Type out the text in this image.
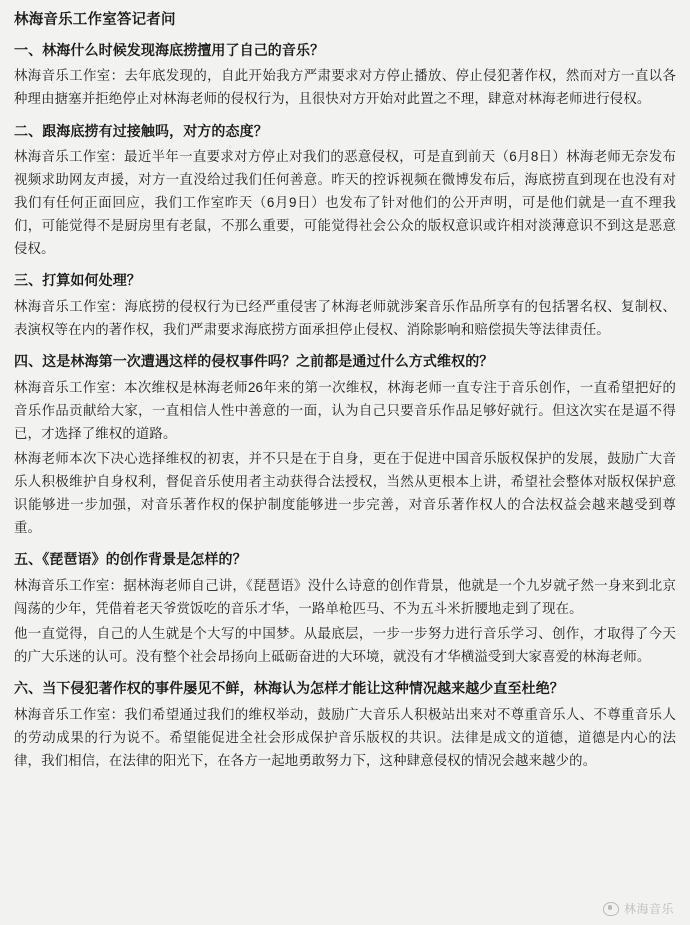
林海音乐工作室答记者问

一、林海什么时候发现海底捞擅用了自己的音乐？

林海音乐工作室：去年底发现的，自此开始我方严肃要求对方停止播放、停止侵犯著作权，然而对方一直以各种理由搪塞并拒绝停止对林海老师的侵权行为，且很快对方开始对此置之不理，肆意对林海老师进行侵权。

二、跟海底捞有过接触吗，对方的态度？

林海音乐工作室：最近半年一直要求对方停止对我们的恶意侵权，可是直到前天（6月8日）林海老师无奈发布视频求助网友声援，对方一直没给过我们任何善意。昨天的控诉视频在微博发布后，海底捞直到现在也没有对我们有任何正面回应，我们工作室昨天（6月9日）也发布了针对他们的公开声明，可是他们就是一直不理我们，可能觉得不是厨房里有老鼠，不那么重要，可能觉得社会公众的版权意识或许相对淡薄意识不到这是恶意侵权。

三、打算如何处理？

林海音乐工作室：海底捞的侵权行为已经严重侵害了林海老师就涉案音乐作品所享有的包括署名权、复制权、表演权等在内的著作权，我们严肃要求海底捞方面承担停止侵权、消除影响和赔偿损失等法律责任。

四、这是林海第一次遭遇这样的侵权事件吗？之前都是通过什么方式维权的？

林海音乐工作室：本次维权是林海老师26年来的第一次维权，林海老师一直专注于音乐创作，一直希望把好的音乐作品贡献给大家，一直相信人性中善意的一面，认为自己只要音乐作品足够好就行。但这次实在是逼不得已，才选择了维权的道路。

林海老师本次下决心选择维权的初衷，并不只是在于自身，更在于促进中国音乐版权保护的发展，鼓励广大音乐人积极维护自身权利，督促音乐使用者主动获得合法授权，当然从更根本上讲，希望社会整体对版权保护意识能够进一步加强，对音乐著作权的保护制度能够进一步完善，对音乐著作权人的合法权益会越来越受到尊重。

五、《琵琶语》的创作背景是怎样的？

林海音乐工作室：据林海老师自己讲，《琵琶语》没什么诗意的创作背景，他就是一个九岁就孑然一身来到北京闯荡的少年，凭借着老天爷赏饭吃的音乐才华，一路单枪匹马、不为五斗米折腰地走到了现在。

他一直觉得，自己的人生就是个大写的中国梦。从最底层，一步一步努力进行音乐学习、创作，才取得了今天的广大乐迷的认可。没有整个社会昂扬向上砥砺奋进的大环境，就没有才华横溢受到大家喜爱的林海老师。

六、当下侵犯著作权的事件屡见不鲜，林海认为怎样才能让这种情况越来越少直至杜绝？

林海音乐工作室：我们希望通过我们的维权举动，鼓励广大音乐人积极站出来对不尊重音乐人、不尊重音乐人的劳动成果的行为说不。希望能促进全社会形成保护音乐版权的共识。法律是成文的道德，道德是内心的法律，我们相信，在法律的阳光下，在各方一起地勇敢努力下，这种肆意侵权的情况会越来越少的。

林海音乐
